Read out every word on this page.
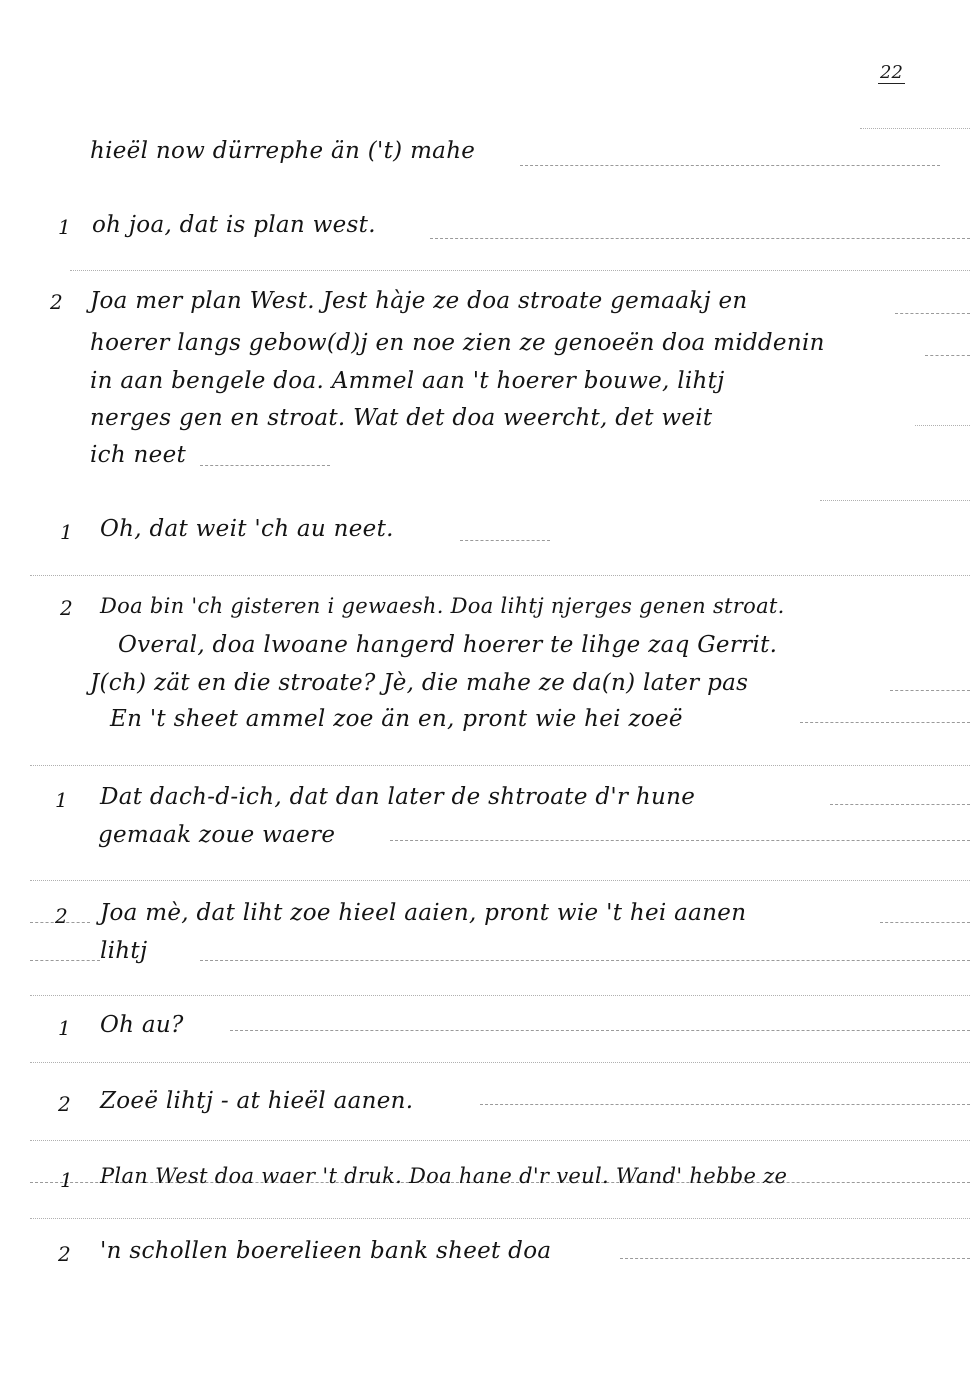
22
hieël now dürrephe än ('t) mahe
1 oh joa, dat is plan west.
2 Joa mer plan West. Jest hàje ze doa stroate gemaakj en
hoerer langs gebow(d)j en noe zien ze genoeën doa middenin
in aan bengele doa. Ammel aan 't hoerer bouwe, lihtj
nerges gen en stroat. Wat det doa weercht, det weit
ich neet
1 Oh, dat weit 'ch au neet.
2 Doa bin 'ch gisteren i gewaesh. Doa lihtj njerges genen stroat.
Overal, doa lwoane hangerd hoerer te lihge zaq Gerrit.
J(ch) zät en die stroate? Jè, die mahe ze da(n) later pas
En 't sheet ammel zoe än en, pront wie hei zoeë
1 Dat dach-d-ich, dat dan later de shtroate d'r hune
gemaak zoue waere
2 Joa mè, dat liht zoe hieel aaien, pront wie 't hei aanen
lihtj
1 Oh au?
2 Zoeë lihtj - at hieël aanen.
1 Plan West doa waer 't druk. Doa hane d'r veul. Wand' hebbe ze
2 'n schollen boerelieen bank sheet doa
